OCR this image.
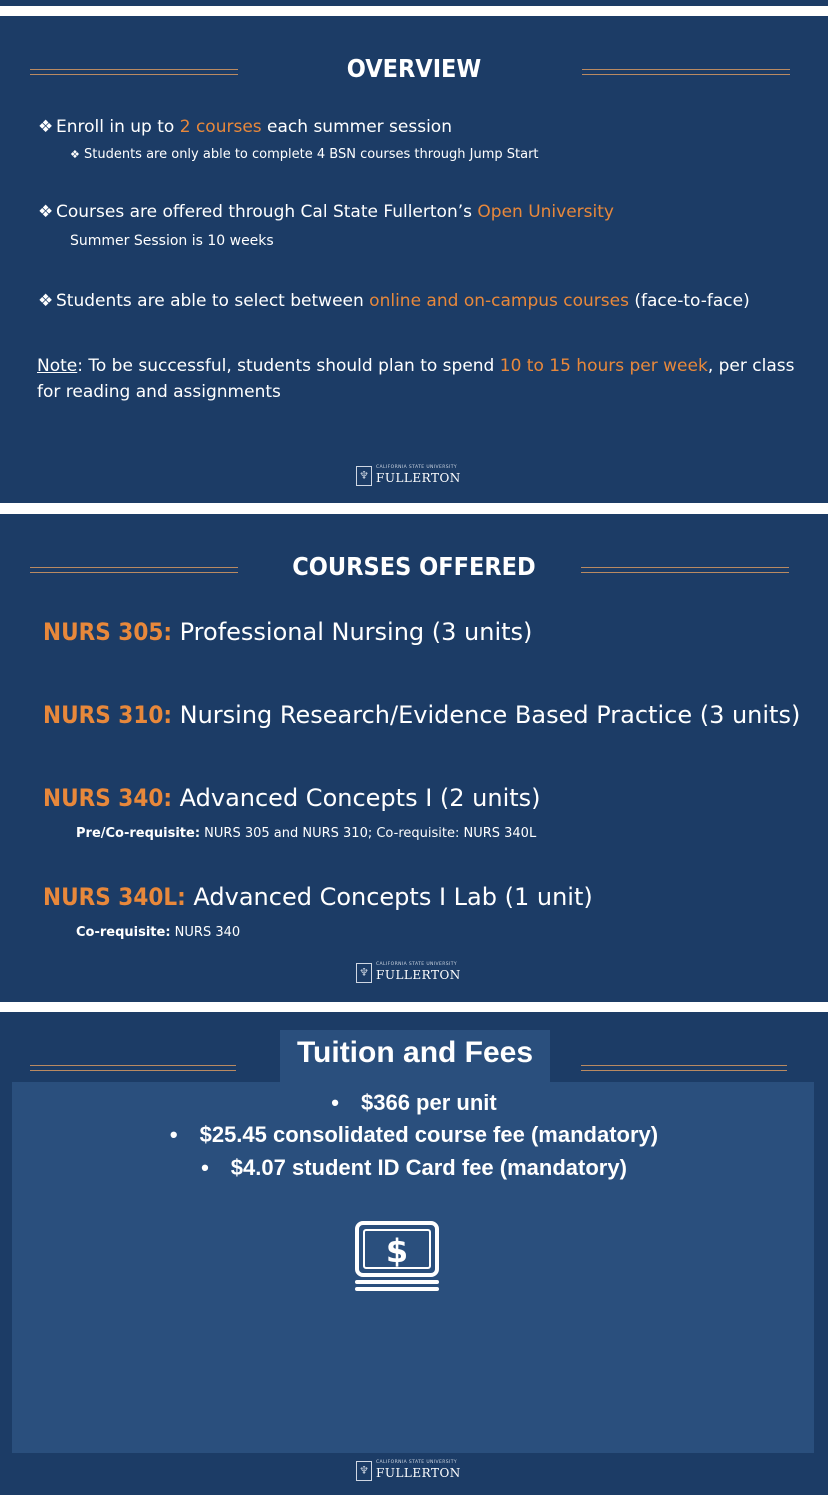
OVERVIEW
❖ Enroll in up to 2 courses each summer session
❖ Students are only able to complete 4 BSN courses through Jump Start
❖ Courses are offered through Cal State Fullerton’s Open University
Summer Session is 10 weeks
❖ Students are able to select between online and on-campus courses (face-to-face)
Note: To be successful, students should plan to spend 10 to 15 hours per week, per class for reading and assignments
♆
CALIFORNIA STATE UNIVERSITY
FULLERTON
COURSES OFFERED
NURS 305: Professional Nursing (3 units)
NURS 310: Nursing Research/Evidence Based Practice (3 units)
NURS 340: Advanced Concepts I (2 units)
Pre/Co-requisite: NURS 305 and NURS 310; Co-requisite: NURS 340L
NURS 340L: Advanced Concepts I Lab (1 unit)
Co-requisite: NURS 340
♆
CALIFORNIA STATE UNIVERSITY
FULLERTON
Tuition and Fees
• $366 per unit
• $25.45 consolidated course fee (mandatory)
• $4.07 student ID Card fee (mandatory)
$
♆
CALIFORNIA STATE UNIVERSITY
FULLERTON
